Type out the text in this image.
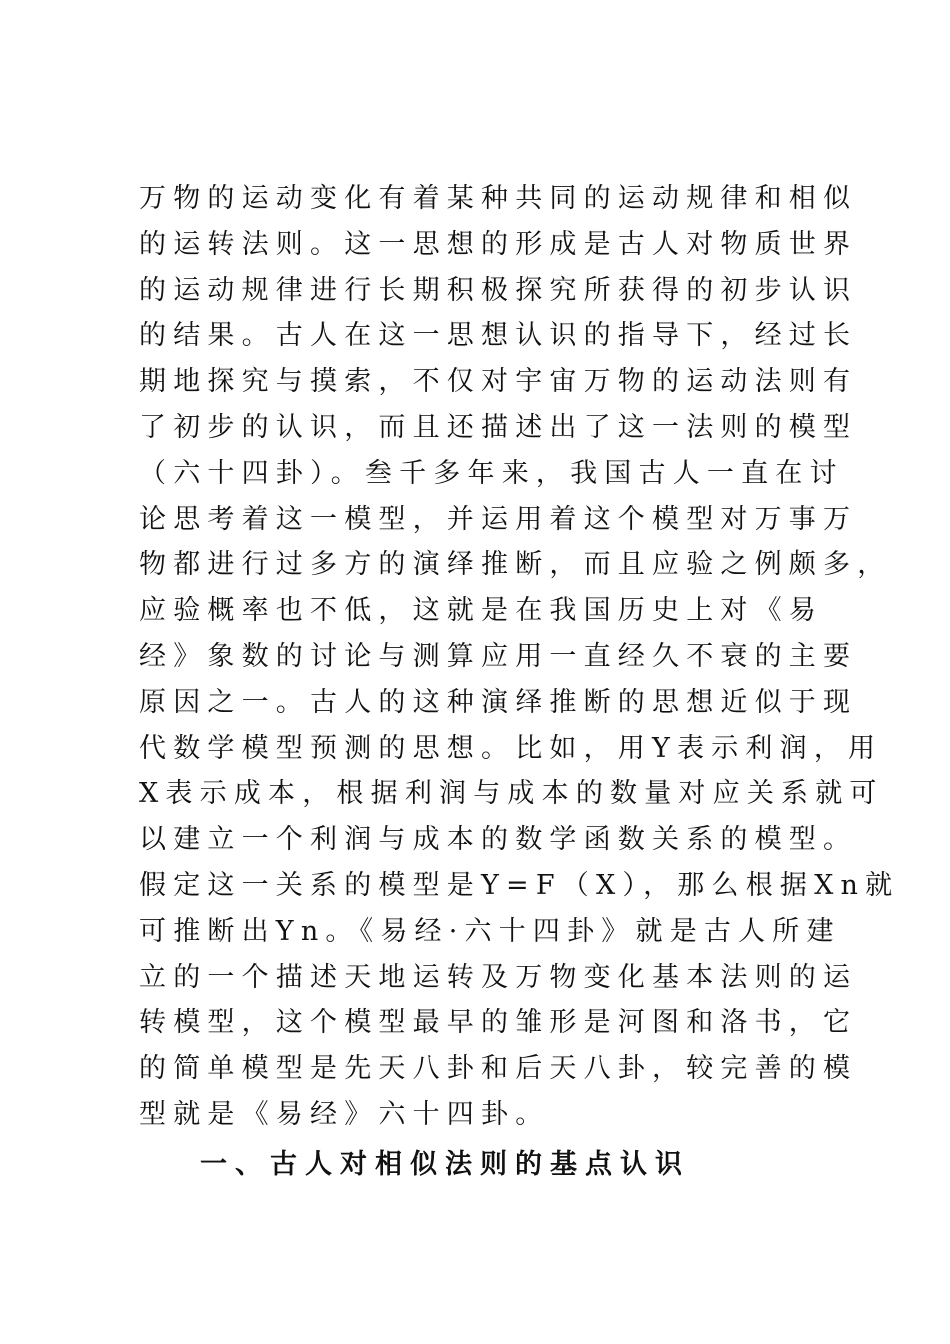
万物的运动变化有着某种共同的运动规律和相似
的运转法则。这一思想的形成是古人对物质世界
的运动规律进行长期积极探究所获得的初步认识
的结果。古人在这一思想认识的指导下，经过长
期地探究与摸索，不仅对宇宙万物的运动法则有
了初步的认识，而且还描述出了这一法则的模型
（六十四卦）。叁千多年来，我国古人一直在讨
论思考着这一模型，并运用着这个模型对万事万
物都进行过多方的演绎推断，而且应验之例颇多，
应验概率也不低，这就是在我国历史上对《易
经》象数的讨论与测算应用一直经久不衰的主要
原因之一。古人的这种演绎推断的思想近似于现
代数学模型预测的思想。比如，用Y表示利润，用
X表示成本，根据利润与成本的数量对应关系就可
以建立一个利润与成本的数学函数关系的模型。
假定这一关系的模型是Y=F（X），那么根据Xn就
可推断出Yn。《易经·六十四卦》就是古人所建
立的一个描述天地运转及万物变化基本法则的运
转模型，这个模型最早的雏形是河图和洛书，它
的简单模型是先天八卦和后天八卦，较完善的模
型就是《易经》六十四卦。
一、古人对相似法则的基点认识
